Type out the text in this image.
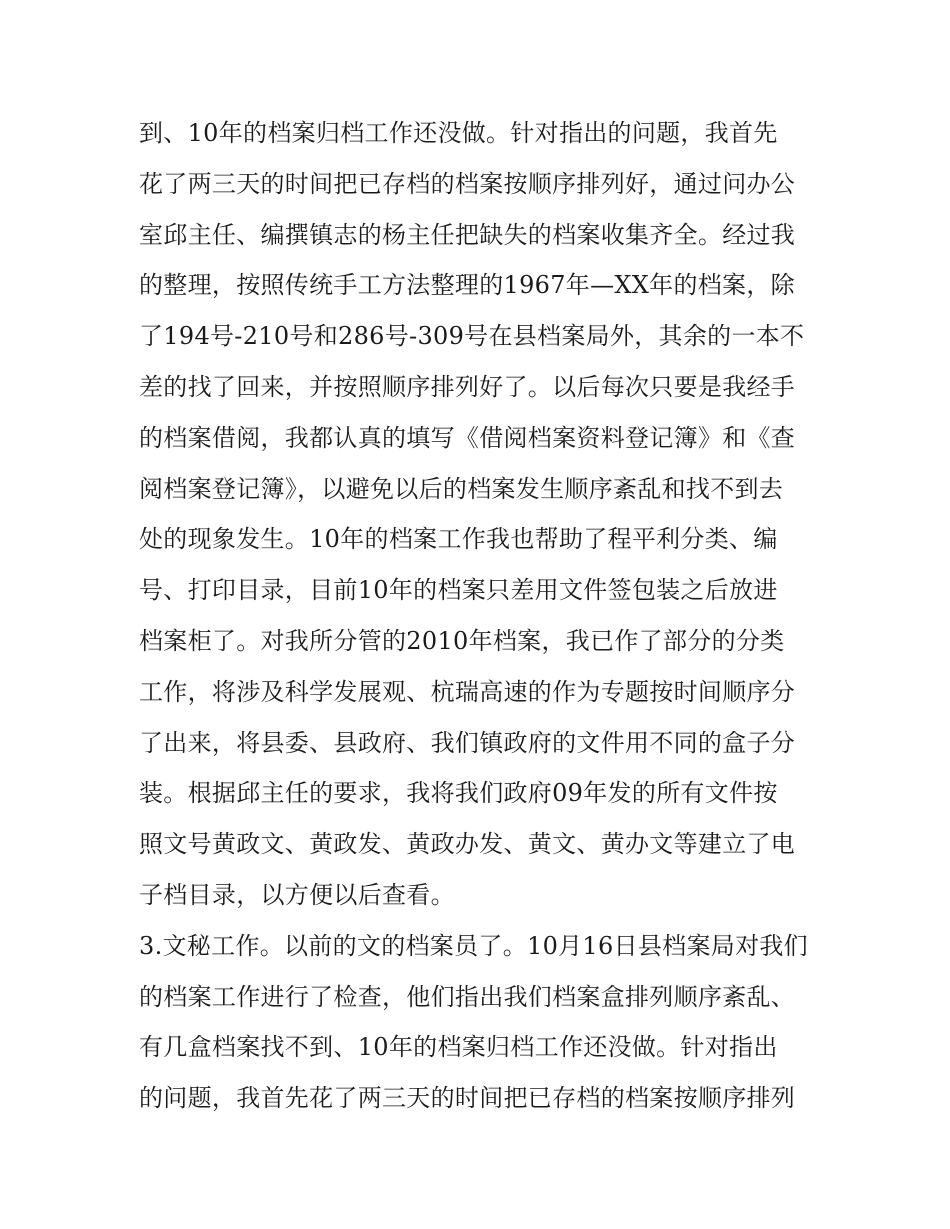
到、10年的档案归档工作还没做。针对指出的问题，我首先
花了两三天的时间把已存档的档案按顺序排列好，通过问办公
室邱主任、编撰镇志的杨主任把缺失的档案收集齐全。经过我
的整理，按照传统手工方法整理的1967年—XX年的档案，除
了194号-210号和286号-309号在县档案局外，其余的一本不
差的找了回来，并按照顺序排列好了。以后每次只要是我经手
的档案借阅，我都认真的填写《借阅档案资料登记簿》和《查
阅档案登记簿》，以避免以后的档案发生顺序紊乱和找不到去
处的现象发生。10年的档案工作我也帮助了程平利分类、编
号、打印目录，目前10年的档案只差用文件签包装之后放进
档案柜了。对我所分管的2010年档案，我已作了部分的分类
工作，将涉及科学发展观、杭瑞高速的作为专题按时间顺序分
了出来，将县委、县政府、我们镇政府的文件用不同的盒子分
装。根据邱主任的要求，我将我们政府09年发的所有文件按
照文号黄政文、黄政发、黄政办发、黄文、黄办文等建立了电
子档目录，以方便以后查看。
3.文秘工作。以前的文的档案员了。10月16日县档案局对我们
的档案工作进行了检查，他们指出我们档案盒排列顺序紊乱、
有几盒档案找不到、10年的档案归档工作还没做。针对指出
的问题，我首先花了两三天的时间把已存档的档案按顺序排列
